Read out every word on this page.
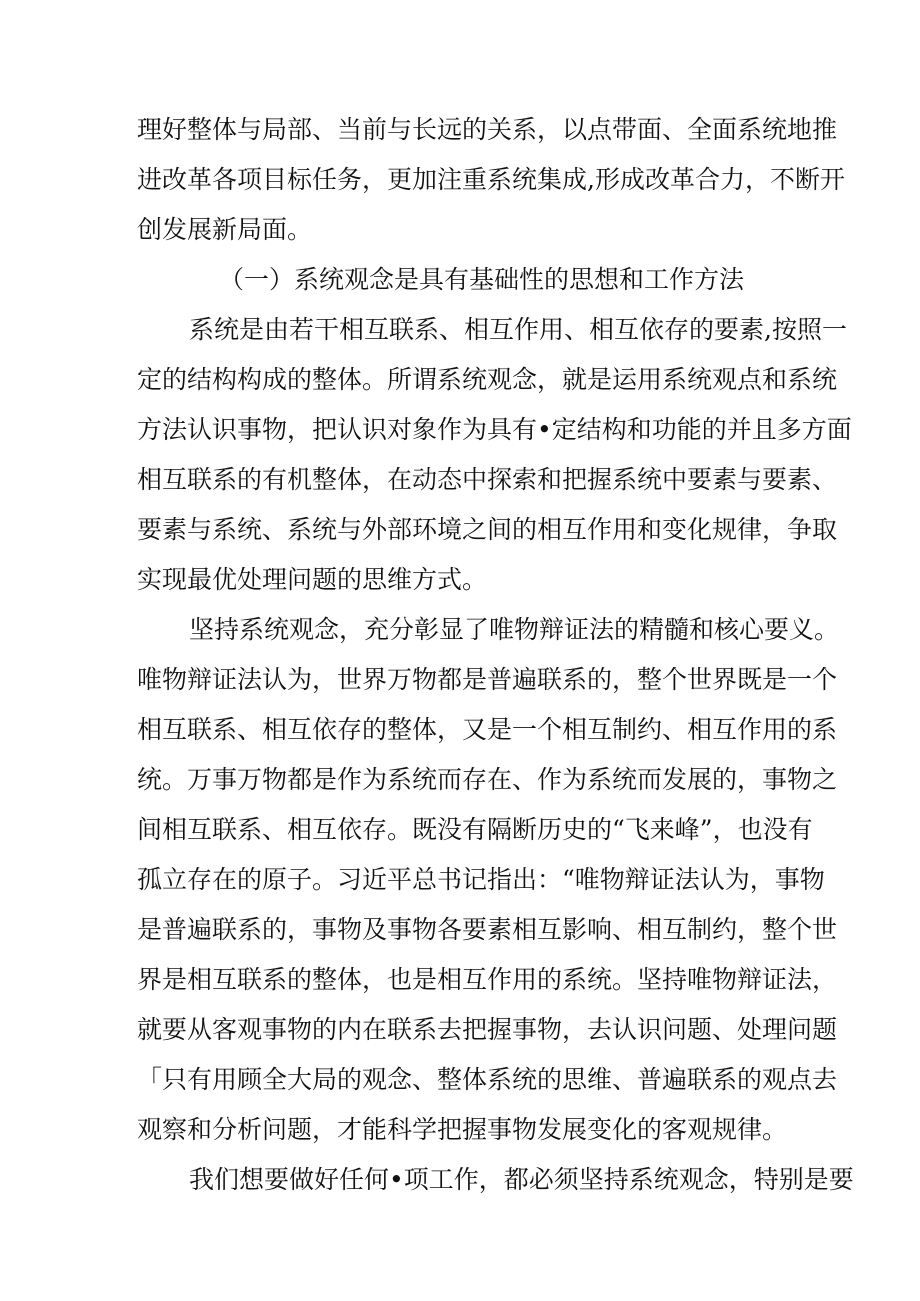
理好整体与局部、当前与长远的关系，以点带面、全面系统地推
进改革各项目标任务，更加注重系统集成,形成改革合力，不断开
创发展新局面。
（一）系统观念是具有基础性的思想和工作方法
系统是由若干相互联系、相互作用、相互依存的要素,按照一
定的结构构成的整体。所谓系统观念，就是运用系统观点和系统
方法认识事物，把认识对象作为具有•定结构和功能的并且多方面
相互联系的有机整体，在动态中探索和把握系统中要素与要素、
要素与系统、系统与外部环境之间的相互作用和变化规律，争取
实现最优处理问题的思维方式。
坚持系统观念，充分彰显了唯物辩证法的精髓和核心要义。
唯物辩证法认为，世界万物都是普遍联系的，整个世界既是一个
相互联系、相互依存的整体，又是一个相互制约、相互作用的系
统。万事万物都是作为系统而存在、作为系统而发展的，事物之
间相互联系、相互依存。既没有隔断历史的“飞来峰”，也没有
孤立存在的原子。习近平总书记指出：“唯物辩证法认为，事物
是普遍联系的，事物及事物各要素相互影响、相互制约，整个世
界是相互联系的整体，也是相互作用的系统。坚持唯物辩证法，
就要从客观事物的内在联系去把握事物，去认识问题、处理问题
「只有用顾全大局的观念、整体系统的思维、普遍联系的观点去
观察和分析问题，才能科学把握事物发展变化的客观规律。
我们想要做好任何•项工作，都必须坚持系统观念，特别是要
